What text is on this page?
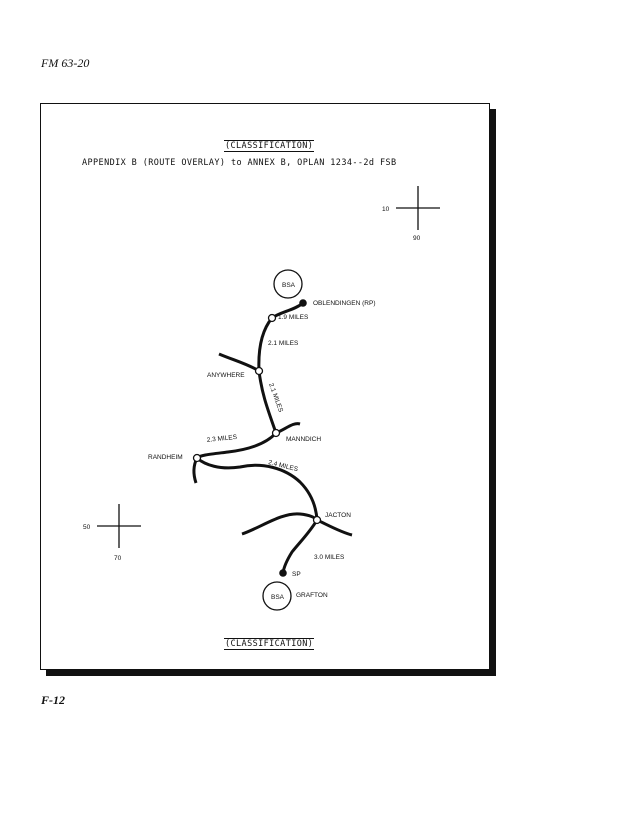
FM 63-20
(CLASSIFICATION)
APPENDIX B (ROUTE OVERLAY) to ANNEX B, OPLAN 1234--2d FSB
(CLASSIFICATION)
10
90
50
70
BSA
BSA
OBLENDINGEN (RP)
ANYWHERE
MANNDICH
RANDHEIM
JACTON
SP
GRAFTON
1.9 MILES
2.1 MILES
2.1 MILES
2.3 MILES
2.4 MILES
3.0 MILES
F-12
